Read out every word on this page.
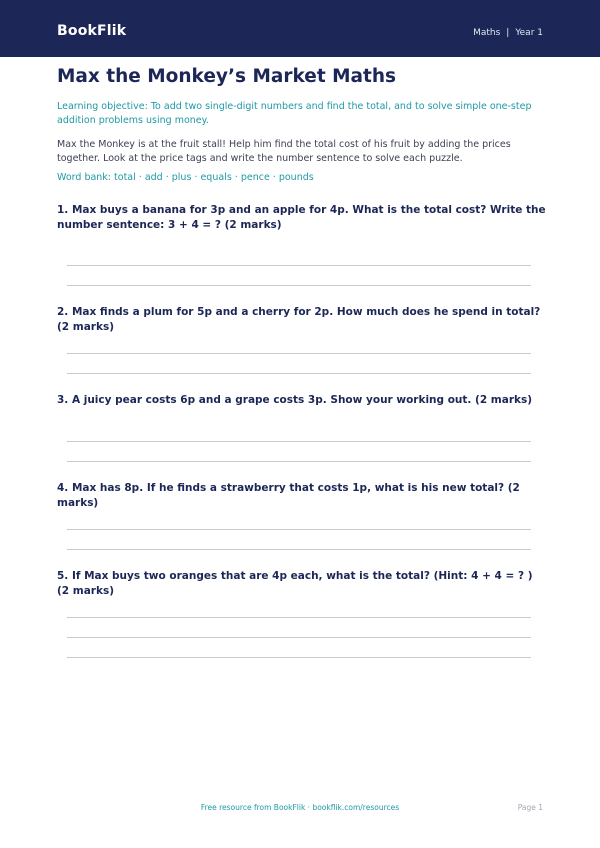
BookFlik	Maths | Year 1
Max the Monkey’s Market Maths
Learning objective: To add two single-digit numbers and find the total, and to solve simple one-step addition problems using money.
Max the Monkey is at the fruit stall! Help him find the total cost of his fruit by adding the prices together. Look at the price tags and write the number sentence to solve each puzzle.
Word bank: total · add · plus · equals · pence · pounds
1. Max buys a banana for 3p and an apple for 4p. What is the total cost? Write the number sentence: 3 + 4 = ? (2 marks)
2. Max finds a plum for 5p and a cherry for 2p. How much does he spend in total? (2 marks)
3. A juicy pear costs 6p and a grape costs 3p. Show your working out. (2 marks)
4. Max has 8p. If he finds a strawberry that costs 1p, what is his new total? (2 marks)
5. If Max buys two oranges that are 4p each, what is the total? (Hint: 4 + 4 = ? ) (2 marks)
Free resource from BookFlik · bookflik.com/resources	Page 1
